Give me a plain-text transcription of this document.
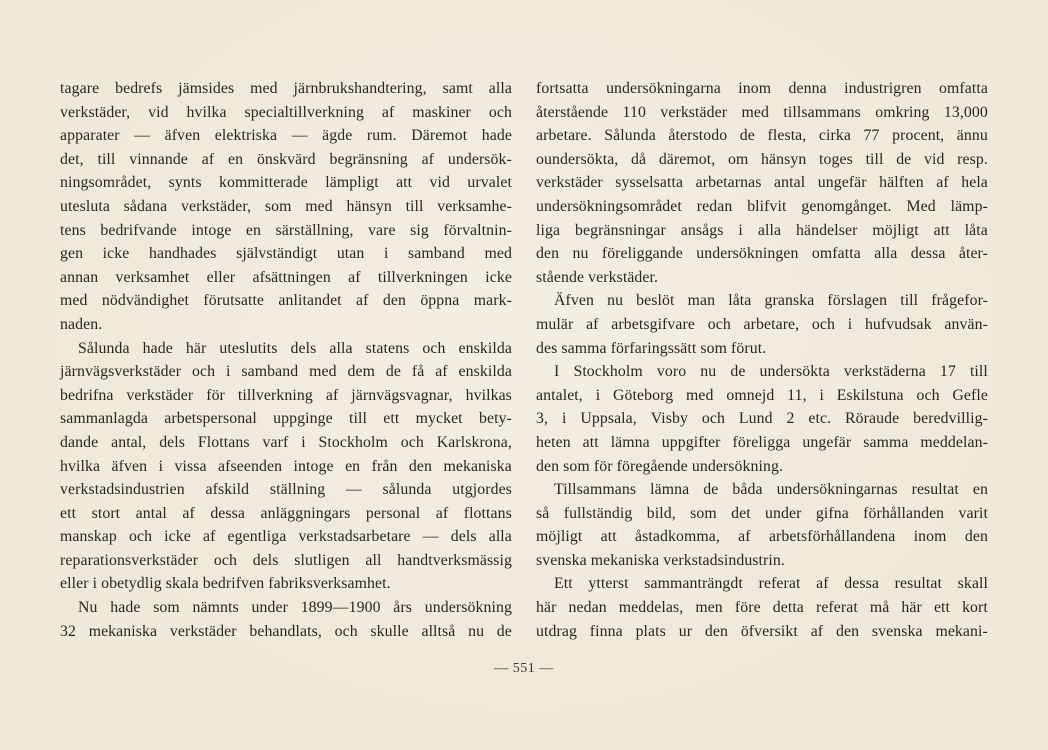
tagare bedrefs jämsides med järnbrukshandtering, samt alla
verkstäder, vid hvilka specialtillverkning af maskiner och
apparater — äfven elektriska — ägde rum. Däremot hade
det, till vinnande af en önskvärd begränsning af undersök-
ningsområdet, synts kommitterade lämpligt att vid urvalet
utesluta sådana verkstäder, som med hänsyn till verksamhe-
tens bedrifvande intoge en särställning, vare sig förvaltnin-
gen icke handhades självständigt utan i samband med
annan verksamhet eller afsättningen af tillverkningen icke
med nödvändighet förutsatte anlitandet af den öppna mark-
naden.
Sålunda hade här uteslutits dels alla statens och enskilda
järnvägsverkstäder och i samband med dem de få af enskilda
bedrifna verkstäder för tillverkning af järnvägsvagnar, hvilkas
sammanlagda arbetspersonal uppginge till ett mycket bety-
dande antal, dels Flottans varf i Stockholm och Karlskrona,
hvilka äfven i vissa afseenden intoge en från den mekaniska
verkstadsindustrien afskild ställning — sålunda utgjordes
ett stort antal af dessa anläggningars personal af flottans
manskap och icke af egentliga verkstadsarbetare — dels alla
reparationsverkstäder och dels slutligen all handtverksmässig
eller i obetydlig skala bedrifven fabriksverksamhet.
Nu hade som nämnts under 1899—1900 års undersökning
32 mekaniska verkstäder behandlats, och skulle alltså nu de
fortsatta undersökningarna inom denna industrigren omfatta
återstående 110 verkstäder med tillsammans omkring 13,000
arbetare. Sålunda återstodo de flesta, cirka 77 procent, ännu
oundersökta, då däremot, om hänsyn toges till de vid resp.
verkstäder sysselsatta arbetarnas antal ungefär hälften af hela
undersökningsområdet redan blifvit genomgånget. Med lämp-
liga begränsningar ansågs i alla händelser möjligt att låta
den nu föreliggande undersökningen omfatta alla dessa åter-
stående verkstäder.
Äfven nu beslöt man låta granska förslagen till frågefor-
mulär af arbetsgifvare och arbetare, och i hufvudsak använ-
des samma förfaringssätt som förut.
I Stockholm voro nu de undersökta verkstäderna 17 till
antalet, i Göteborg med omnejd 11, i Eskilstuna och Gefle
3, i Uppsala, Visby och Lund 2 etc. Röraude beredvillig-
heten att lämna uppgifter föreligga ungefär samma meddelan-
den som för föregående undersökning.
Tillsammans lämna de båda undersökningarnas resultat en
så fullständig bild, som det under gifna förhållanden varit
möjligt att åstadkomma, af arbetsförhållandena inom den
svenska mekaniska verkstadsindustrin.
Ett ytterst sammanträngdt referat af dessa resultat skall
här nedan meddelas, men före detta referat må här ett kort
utdrag finna plats ur den öfversikt af den svenska mekani-
— 551 —
